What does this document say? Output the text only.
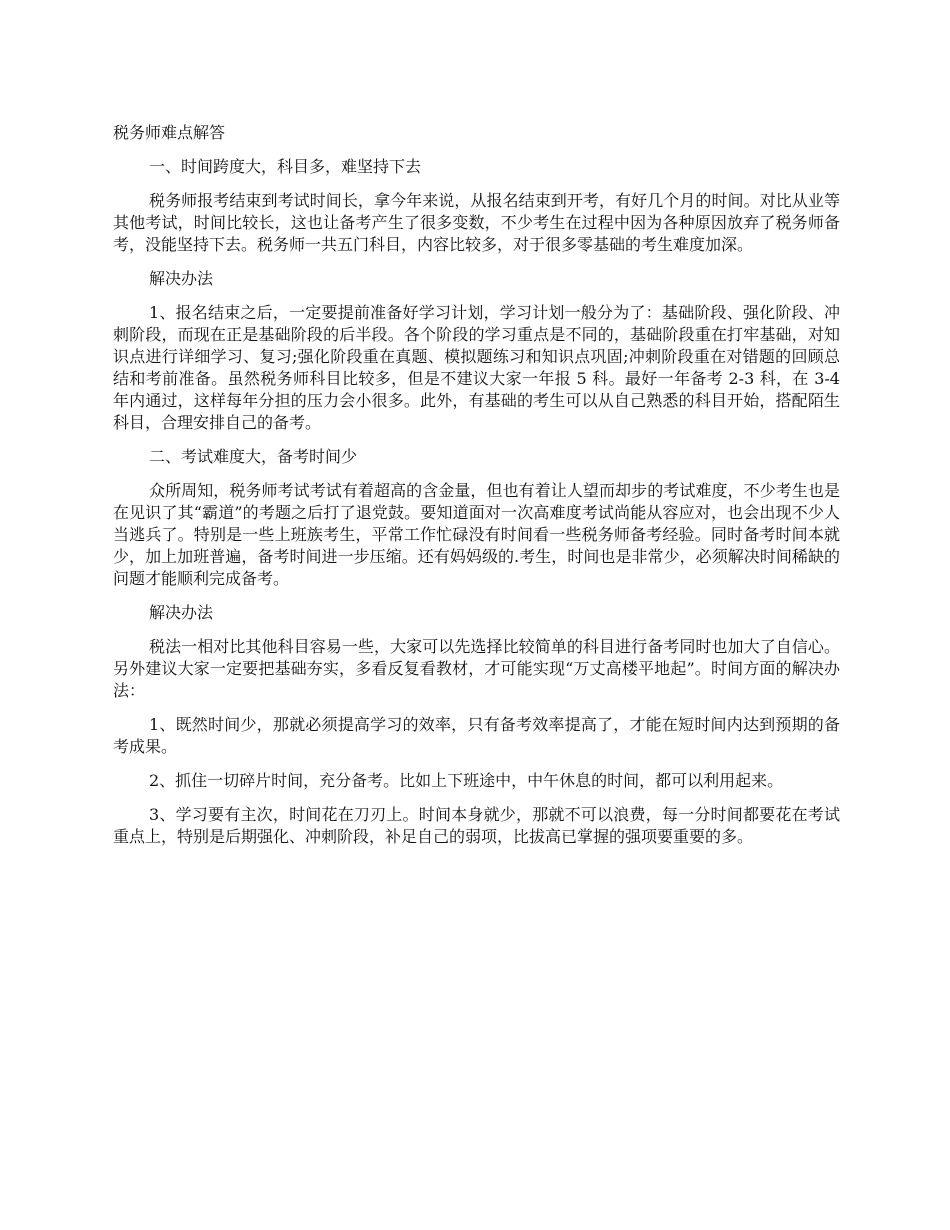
税务师难点解答
一、时间跨度大，科目多，难坚持下去
税务师报考结束到考试时间长，拿今年来说，从报名结束到开考，有好几个月的时间。对比从业等其他考试，时间比较长，这也让备考产生了很多变数，不少考生在过程中因为各种原因放弃了税务师备考，没能坚持下去。税务师一共五门科目，内容比较多，对于很多零基础的考生难度加深。
解决办法
1、报名结束之后，一定要提前准备好学习计划，学习计划一般分为了：基础阶段、强化阶段、冲刺阶段，而现在正是基础阶段的后半段。各个阶段的学习重点是不同的，基础阶段重在打牢基础，对知识点进行详细学习、复习;强化阶段重在真题、模拟题练习和知识点巩固;冲刺阶段重在对错题的回顾总结和考前准备。虽然税务师科目比较多，但是不建议大家一年报 5 科。最好一年备考 2-3 科，在 3-4 年内通过，这样每年分担的压力会小很多。此外，有基础的考生可以从自己熟悉的科目开始，搭配陌生科目，合理安排自己的备考。
二、考试难度大，备考时间少
众所周知，税务师考试考试有着超高的含金量，但也有着让人望而却步的考试难度，不少考生也是在见识了其“霸道”的考题之后打了退党鼓。要知道面对一次高难度考试尚能从容应对，也会出现不少人当逃兵了。特别是一些上班族考生，平常工作忙碌没有时间看一些税务师备考经验。同时备考时间本就少，加上加班普遍，备考时间进一步压缩。还有妈妈级的.考生，时间也是非常少，必须解决时间稀缺的问题才能顺利完成备考。
解决办法
税法一相对比其他科目容易一些，大家可以先选择比较简单的科目进行备考同时也加大了自信心。另外建议大家一定要把基础夯实，多看反复看教材，才可能实现“万丈高楼平地起”。时间方面的解决办法：
1、既然时间少，那就必须提高学习的效率，只有备考效率提高了，才能在短时间内达到预期的备考成果。
2、抓住一切碎片时间，充分备考。比如上下班途中，中午休息的时间，都可以利用起来。
3、学习要有主次，时间花在刀刃上。时间本身就少，那就不可以浪费，每一分时间都要花在考试重点上，特别是后期强化、冲刺阶段，补足自己的弱项，比拔高已掌握的强项要重要的多。
